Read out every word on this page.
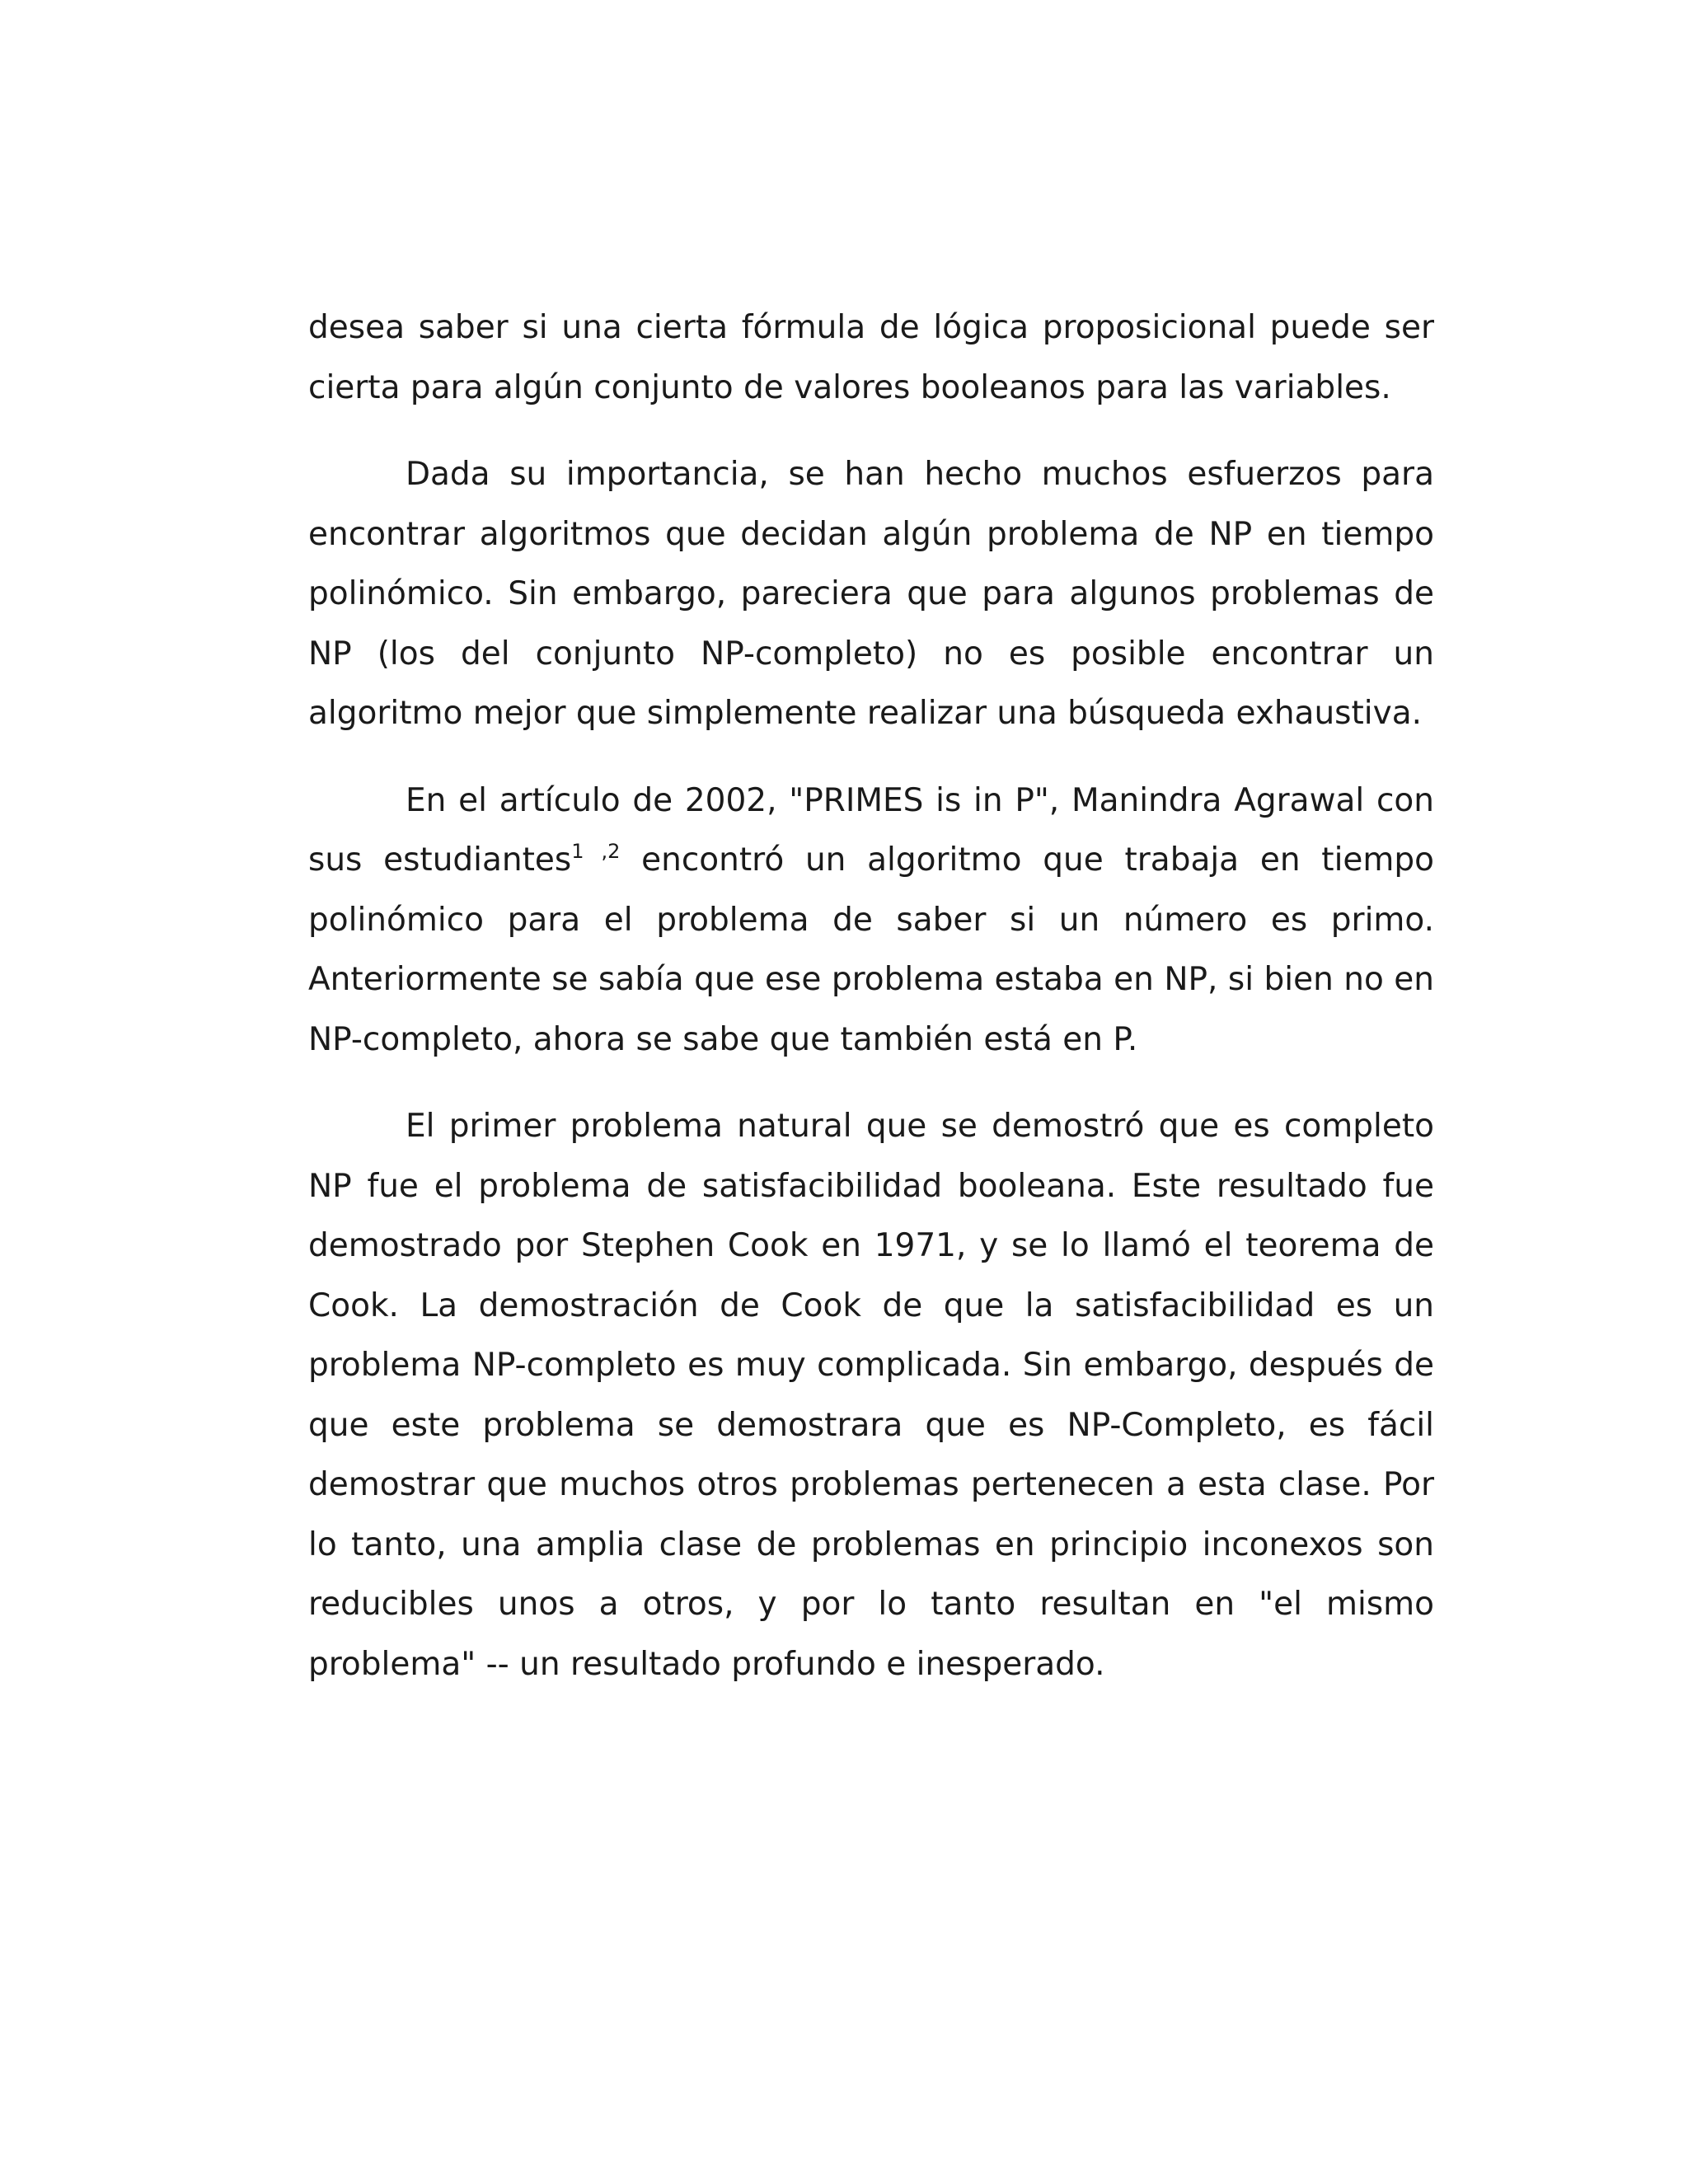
desea saber si una cierta fórmula de lógica proposicional puede ser cierta para algún conjunto de valores booleanos para las variables.

Dada su importancia, se han hecho muchos esfuerzos para encontrar algoritmos que decidan algún problema de NP en tiempo polinómico. Sin embargo, pareciera que para algunos problemas de NP (los del conjunto NP-completo) no es posible encontrar un algoritmo mejor que simplemente realizar una búsqueda exhaustiva.

En el artículo de 2002, "PRIMES is in P", Manindra Agrawal con sus estudiantes$^{1 ,2}$ encontró un algoritmo que trabaja en tiempo polinómico para el problema de saber si un número es primo. Anteriormente se sabía que ese problema estaba en NP, si bien no en NP-completo, ahora se sabe que también está en P.

El primer problema natural que se demostró que es completo NP fue el problema de satisfacibilidad booleana. Este resultado fue demostrado por Stephen Cook en 1971, y se lo llamó el teorema de Cook. La demostración de Cook de que la satisfacibilidad es un problema NP-completo es muy complicada. Sin embargo, después de que este problema se demostrara que es NP-Completo, es fácil demostrar que muchos otros problemas pertenecen a esta clase. Por lo tanto, una amplia clase de problemas en principio inconexos son reducibles unos a otros, y por lo tanto resultan en "el mismo problema" -- un resultado profundo e inesperado.
